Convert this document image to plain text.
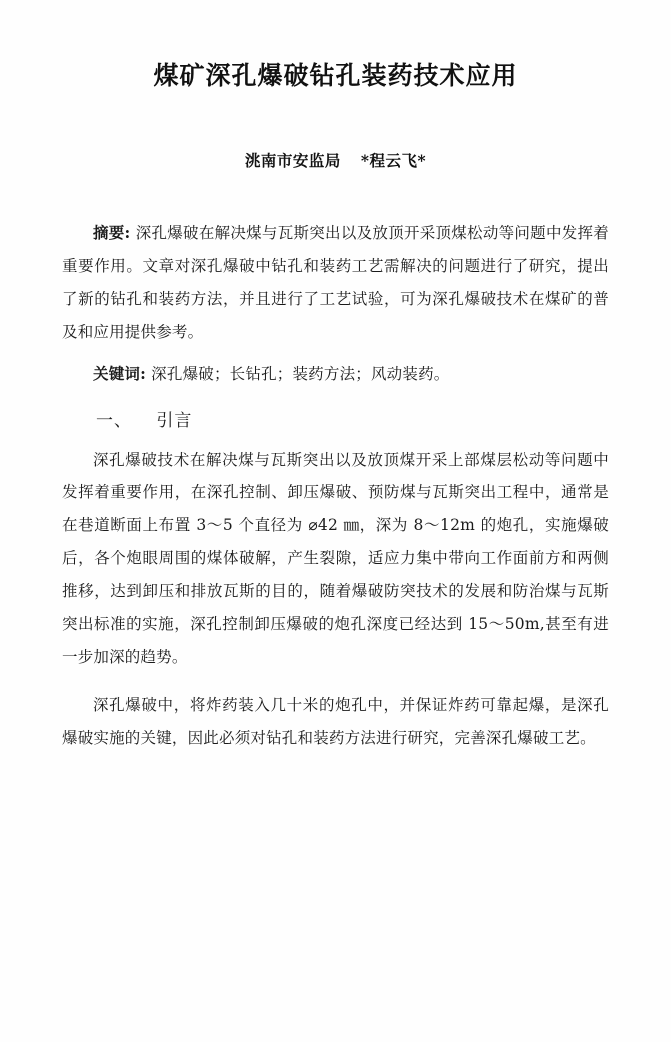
煤矿深孔爆破钻孔装药技术应用
洮南市安监局 *程云飞*
摘要: 深孔爆破在解决煤与瓦斯突出以及放顶开采顶煤松动等问题中发挥着重要作用。文章对深孔爆破中钻孔和装药工艺需解决的问题进行了研究，提出了新的钻孔和装药方法，并且进行了工艺试验，可为深孔爆破技术在煤矿的普及和应用提供参考。
关键词: 深孔爆破；长钻孔；装药方法；风动装药。
一、 引言

深孔爆破技术在解决煤与瓦斯突出以及放顶煤开采上部煤层松动等问题中发挥着重要作用，在深孔控制、卸压爆破、预防煤与瓦斯突出工程中，通常是在巷道断面上布置 3～5 个直径为 ⌀42 ㎜，深为 8～12m 的炮孔，实施爆破后，各个炮眼周围的煤体破解，产生裂隙，适应力集中带向工作面前方和两侧推移，达到卸压和排放瓦斯的目的，随着爆破防突技术的发展和防治煤与瓦斯突出标准的实施，深孔控制卸压爆破的炮孔深度已经达到 15～50m,甚至有进一步加深的趋势。

深孔爆破中，将炸药装入几十米的炮孔中，并保证炸药可靠起爆，是深孔爆破实施的关键，因此必须对钻孔和装药方法进行研究，完善深孔爆破工艺。
